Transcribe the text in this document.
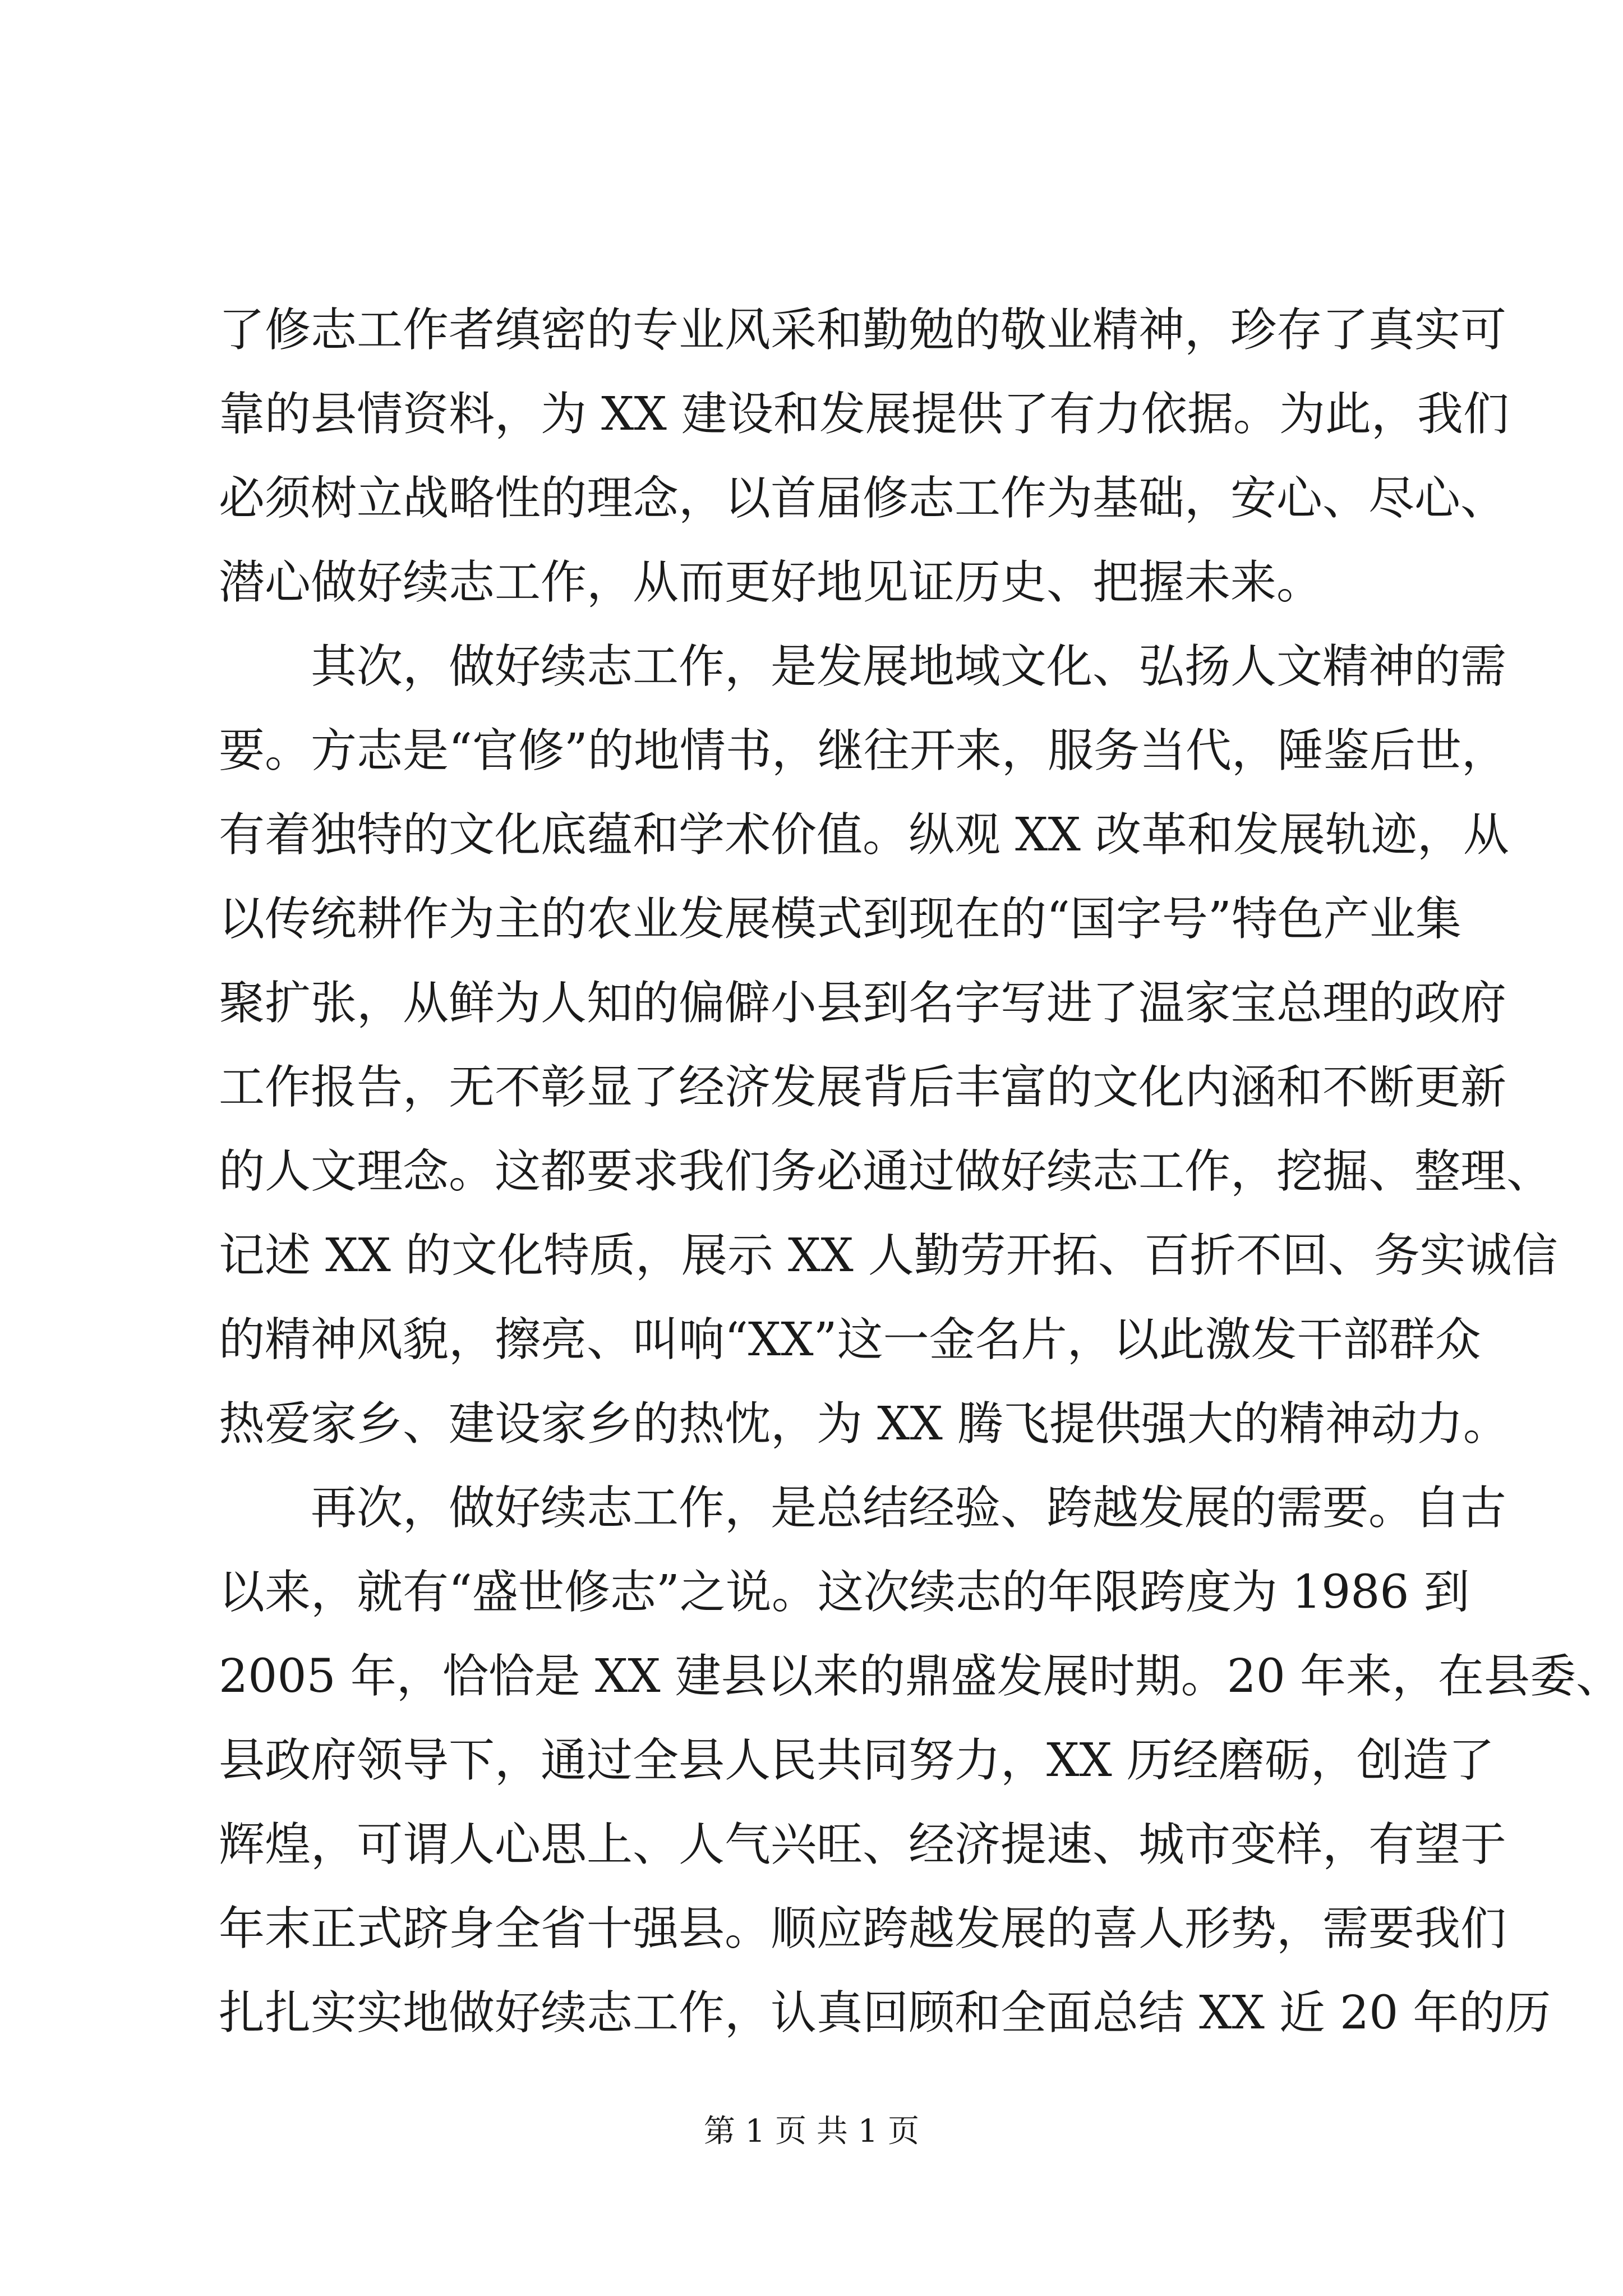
了修志工作者缜密的专业风采和勤勉的敬业精神，珍存了真实可
靠的县情资料，为 XX 建设和发展提供了有力依据。为此，我们
必须树立战略性的理念，以首届修志工作为基础，安心、尽心、
潜心做好续志工作，从而更好地见证历史、把握未来。
其次，做好续志工作，是发展地域文化、弘扬人文精神的需
要。方志是“官修”的地情书，继往开来，服务当代，陲鉴后世，
有着独特的文化底蕴和学术价值。纵观 XX 改革和发展轨迹，从
以传统耕作为主的农业发展模式到现在的“国字号”特色产业集
聚扩张，从鲜为人知的偏僻小县到名字写进了温家宝总理的政府
工作报告，无不彰显了经济发展背后丰富的文化内涵和不断更新
的人文理念。这都要求我们务必通过做好续志工作，挖掘、整理、
记述 XX 的文化特质，展示 XX 人勤劳开拓、百折不回、务实诚信
的精神风貌，擦亮、叫响“XX”这一金名片，以此激发干部群众
热爱家乡、建设家乡的热忱，为 XX 腾飞提供强大的精神动力。
再次，做好续志工作，是总结经验、跨越发展的需要。自古
以来，就有“盛世修志”之说。这次续志的年限跨度为 1986 到
2005 年，恰恰是 XX 建县以来的鼎盛发展时期。20 年来，在县委、
县政府领导下，通过全县人民共同努力，XX 历经磨砺，创造了
辉煌，可谓人心思上、人气兴旺、经济提速、城市变样，有望于
年末正式跻身全省十强县。顺应跨越发展的喜人形势，需要我们
扎扎实实地做好续志工作，认真回顾和全面总结 XX 近 20 年的历
第 1 页 共 1 页
